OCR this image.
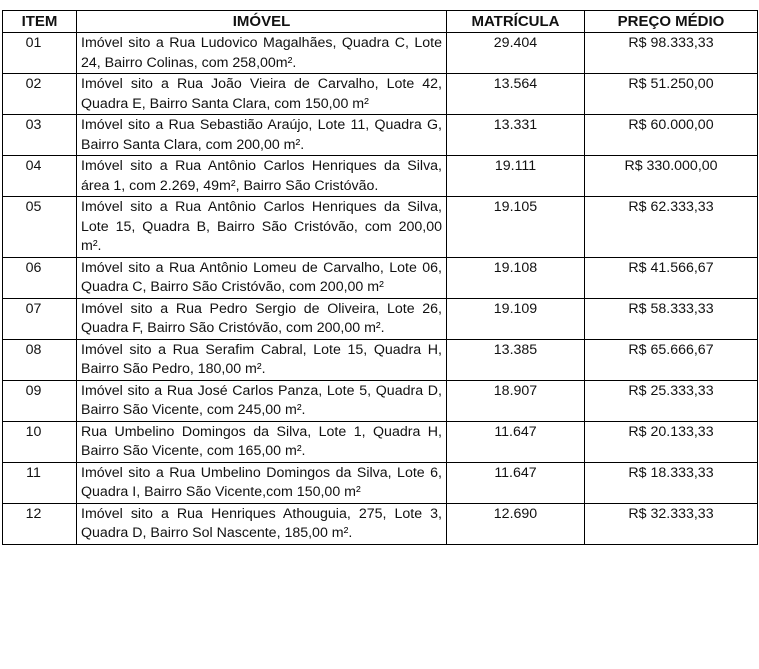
ITEM	IMÓVEL	MATRÍCULA	PREÇO MÉDIO
01	Imóvel sito a Rua Ludovico Magalhães, Quadra C, Lote 24, Bairro Colinas, com 258,00m².	29.404	R$ 98.333,33
02	Imóvel sito a Rua João Vieira de Carvalho, Lote 42, Quadra E, Bairro Santa Clara, com 150,00 m²	13.564	R$ 51.250,00
03	Imóvel sito a Rua Sebastião Araújo, Lote 11, Quadra G, Bairro Santa Clara, com 200,00 m².	13.331	R$ 60.000,00
04	Imóvel sito a Rua Antônio Carlos Henriques da Silva, área 1, com 2.269, 49m², Bairro São Cristóvão.	19.111	R$ 330.000,00
05	Imóvel sito a Rua Antônio Carlos Henriques da Silva, Lote 15, Quadra B, Bairro São Cristóvão, com 200,00 m².	19.105	R$ 62.333,33
06	Imóvel sito a Rua Antônio Lomeu de Carvalho, Lote 06, Quadra C, Bairro São Cristóvão, com 200,00 m²	19.108	R$ 41.566,67
07	Imóvel sito a Rua Pedro Sergio de Oliveira, Lote 26, Quadra F, Bairro São Cristóvão, com 200,00 m².	19.109	R$ 58.333,33
08	Imóvel sito a Rua Serafim Cabral, Lote 15, Quadra H, Bairro São Pedro, 180,00 m².	13.385	R$ 65.666,67
09	Imóvel sito a Rua José Carlos Panza, Lote 5, Quadra D, Bairro São Vicente, com 245,00 m².	18.907	R$ 25.333,33
10	Rua Umbelino Domingos da Silva, Lote 1, Quadra H, Bairro São Vicente, com 165,00 m².	11.647	R$ 20.133,33
11	Imóvel sito a Rua Umbelino Domingos da Silva, Lote 6, Quadra I, Bairro São Vicente,com 150,00 m²	11.647	R$ 18.333,33
12	Imóvel sito a Rua Henriques Athouguia, 275, Lote 3, Quadra D, Bairro Sol Nascente, 185,00 m².	12.690	R$ 32.333,33
